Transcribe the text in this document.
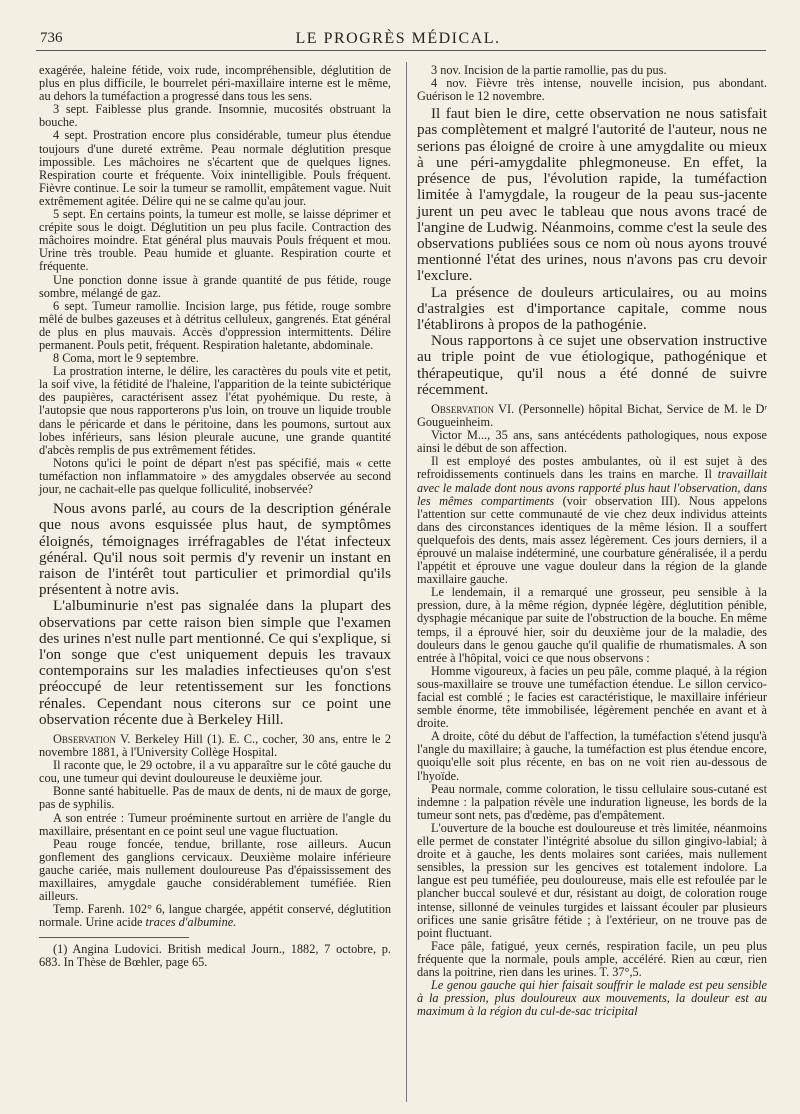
736	LE PROGRÈS MÉDICAL.

exagérée, haleine fétide, voix rude, incompréhensible, déglutition de plus en plus difficile, le bourrelet péri-maxillaire interne est le même, au dehors la tuméfaction a progressé dans tous les sens.

3 sept. Faiblesse plus grande. Insomnie, mucosités obstruant la bouche.

4 sept. Prostration encore plus considérable, tumeur plus étendue toujours d'une dureté extrême. Peau normale déglutition presque impossible. Les mâchoires ne s'écartent que de quelques lignes. Respiration courte et fréquente. Voix inintelligible. Pouls fréquent. Fièvre continue. Le soir la tumeur se ramollit, empâtement vague. Nuit extrêmement agitée. Délire qui ne se calme qu'au jour.

5 sept. En certains points, la tumeur est molle, se laisse déprimer et crépite sous le doigt. Déglutition un peu plus facile. Contraction des mâchoires moindre. Etat général plus mauvais Pouls fréquent et mou. Urine très trouble. Peau humide et gluante. Respiration courte et fréquente.

Une ponction donne issue à grande quantité de pus fétide, rouge sombre, mélangé de gaz.

6 sept. Tumeur ramollie. Incision large, pus fétide, rouge sombre mêlé de bulbes gazeuses et à détritus celluleux, gangrenés. Etat général de plus en plus mauvais. Accès d'oppression intermittents. Délire permanent. Pouls petit, fréquent. Respiration haletante, abdominale.

8 Coma, mort le 9 septembre.

La prostration interne, le délire, les caractères du pouls vite et petit, la soif vive, la fétidité de l'haleine, l'apparition de la teinte subictérique des paupières, caractérisent assez l'état pyohémique. Du reste, à l'autopsie que nous rapporterons p'us loin, on trouve un liquide trouble dans le péricarde et dans le péritoine, dans les poumons, surtout aux lobes inférieurs, sans lésion pleurale aucune, une grande quantité d'abcès remplis de pus extrêmement fétides.

Notons qu'ici le point de départ n'est pas spécifié, mais « cette tuméfaction non inflammatoire » des amygdales observée au second jour, ne cachait-elle pas quelque folliculité, inobservée?

Nous avons parlé, au cours de la description générale que nous avons esquissée plus haut, de symptômes éloignés, témoignages irréfragables de l'état infecteux général. Qu'il nous soit permis d'y revenir un instant en raison de l'intérêt tout particulier et primordial qu'ils présentent à notre avis.

L'albuminurie n'est pas signalée dans la plupart des observations par cette raison bien simple que l'examen des urines n'est nulle part mentionné. Ce qui s'explique, si l'on songe que c'est uniquement depuis les travaux contemporains sur les maladies infectieuses qu'on s'est préoccupé de leur retentissement sur les fonctions rénales. Cependant nous citerons sur ce point une observation récente due à Berkeley Hill.

Observation V. Berkeley Hill (1). E. C., cocher, 30 ans, entre le 2 novembre 1881, à l'University Collège Hospital.

Il raconte que, le 29 octobre, il a vu apparaître sur le côté gauche du cou, une tumeur qui devint douloureuse le deuxième jour.

Bonne santé habituelle. Pas de maux de dents, ni de maux de gorge, pas de syphilis.

A son entrée : Tumeur proéminente surtout en arrière de l'angle du maxillaire, présentant en ce point seul une vague fluctuation.

Peau rouge foncée, tendue, brillante, rose ailleurs. Aucun gonflement des ganglions cervicaux. Deuxième molaire inférieure gauche cariée, mais nullement douloureuse Pas d'épaississement des maxillaires, amygdale gauche considérablement tuméfiée. Rien ailleurs.

Temp. Farenh. 102° 6, langue chargée, appétit conservé, déglutition normale. Urine acide traces d'albumine.

(1) Angina Ludovici. British medical Journ., 1882, 7 octobre, p. 683. In Thèse de Bœhler, page 65.

3 nov. Incision de la partie ramollie, pas du pus.

4 nov. Fièvre très intense, nouvelle incision, pus abondant. Guérison le 12 novembre.

Il faut bien le dire, cette observation ne nous satisfait pas complètement et malgré l'autorité de l'auteur, nous ne serions pas éloigné de croire à une amygdalite ou mieux à une péri-amygdalite phlegmoneuse. En effet, la présence de pus, l'évolution rapide, la tuméfaction limitée à l'amygdale, la rougeur de la peau sus-jacente jurent un peu avec le tableau que nous avons tracé de l'angine de Ludwig. Néanmoins, comme c'est la seule des observations publiées sous ce nom où nous ayons trouvé mentionné l'état des urines, nous n'avons pas cru devoir l'exclure.

La présence de douleurs articulaires, ou au moins d'astralgies est d'importance capitale, comme nous l'établirons à propos de la pathogénie.

Nous rapportons à ce sujet une observation instructive au triple point de vue étiologique, pathogénique et thérapeutique, qu'il nous a été donné de suivre récemment.

Observation VI. (Personnelle) hôpital Bichat, Service de M. le Dʳ Gougueinheim.

Victor M..., 35 ans, sans antécédents pathologiques, nous expose ainsi le début de son affection.

Il est employé des postes ambulantes, où il est sujet à des refroidissements continuels dans les trains en marche. Il travaillait avec le malade dont nous avons rapporté plus haut l'observation, dans les mêmes compartiments (voir observation III). Nous appelons l'attention sur cette communauté de vie chez deux individus atteints dans des circonstances identiques de la même lésion. Il a souffert quelquefois des dents, mais assez légèrement. Ces jours derniers, il a éprouvé un malaise indéterminé, une courbature généralisée, il a perdu l'appétit et éprouve une vague douleur dans la région de la glande maxillaire gauche.

Le lendemain, il a remarqué une grosseur, peu sensible à la pression, dure, à la même région, dypnée légère, déglutition pénible, dysphagie mécanique par suite de l'obstruction de la bouche. En même temps, il a éprouvé hier, soir du deuxième jour de la maladie, des douleurs dans le genou gauche qu'il qualifie de rhumatismales. A son entrée à l'hôpital, voici ce que nous observons :

Homme vigoureux, à facies un peu pâle, comme plaqué, à la région sous-maxillaire se trouve une tuméfaction étendue. Le sillon cervico-facial est comblé ; le facies est caractéristique, le maxillaire inférieur semble énorme, tête immobilisée, légèrement penchée en avant et à droite.

A droite, côté du début de l'affection, la tuméfaction s'étend jusqu'à l'angle du maxillaire; à gauche, la tuméfaction est plus étendue encore, quoiqu'elle soit plus récente, en bas on ne voit rien au-dessous de l'hyoïde.

Peau normale, comme coloration, le tissu cellulaire sous-cutané est indemne : la palpation révèle une induration ligneuse, les bords de la tumeur sont nets, pas d'œdème, pas d'empâtement.

L'ouverture de la bouche est douloureuse et très limitée, néanmoins elle permet de constater l'intégrité absolue du sillon gingivo-labial; à droite et à gauche, les dents molaires sont cariées, mais nullement sensibles, la pression sur les gencives est totalement indolore. La langue est peu tuméfiée, peu douloureuse, mais elle est refoulée par le plancher buccal soulevé et dur, résistant au doigt, de coloration rouge intense, sillonné de veinules turgides et laissant écouler par plusieurs orifices une sanie grisâtre fétide ; à l'extérieur, on ne trouve pas de point fluctuant.

Face pâle, fatigué, yeux cernés, respiration facile, un peu plus fréquente que la normale, pouls ample, accéléré. Rien au cœur, rien dans la poitrine, rien dans les urines. T. 37°,5.

Le genou gauche qui hier faisait souffrir le malade est peu sensible à la pression, plus douloureux aux mouvements, la douleur est au maximum à la région du cul-de-sac tricipital
